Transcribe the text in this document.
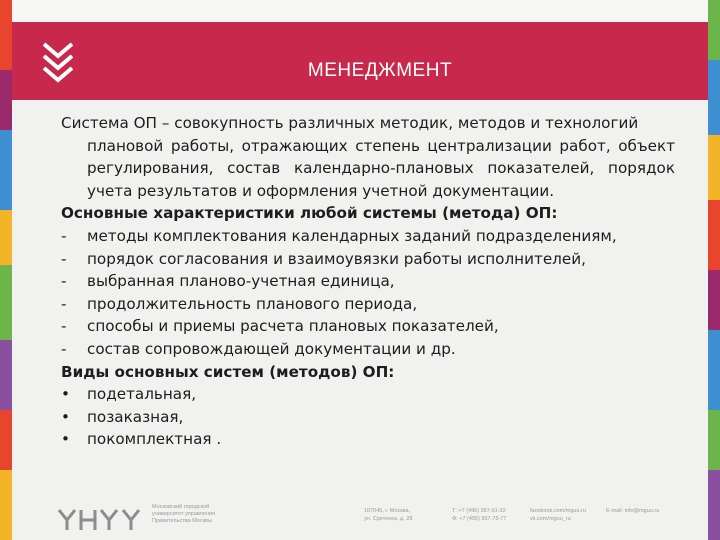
МЕНЕДЖМЕНТ

Система ОП – совокупность различных методик, методов и технологий
плановой работы, отражающих степень централизации работ, объект регулирования, состав календарно-плановых показателей, порядок учета результатов и оформления учетной документации.

Основные характеристики любой системы (метода) ОП:

-	методы комплектования календарных заданий подразделениям,
-	порядок согласования и взаимоувязки работы исполнителей,
-	выбранная планово-учетная единица,
-	продолжительность планового периода,
-	способы и приемы расчета плановых показателей,
-	состав сопровождающей документации и др.

Виды основных систем (методов) ОП:

•	подетальная,
•	позаказная,
•	покомплектная .
Московский городской
университет управления
Правительства Москвы
107045, г. Москва,
ул. Сретенка, д. 28
Т: +7 (495) 957-91-32
Ф: +7 (495) 957-75-77
facebook.com/mguu.ru
vk.com/mguu_ru
E-mail: info@mguu.ru
